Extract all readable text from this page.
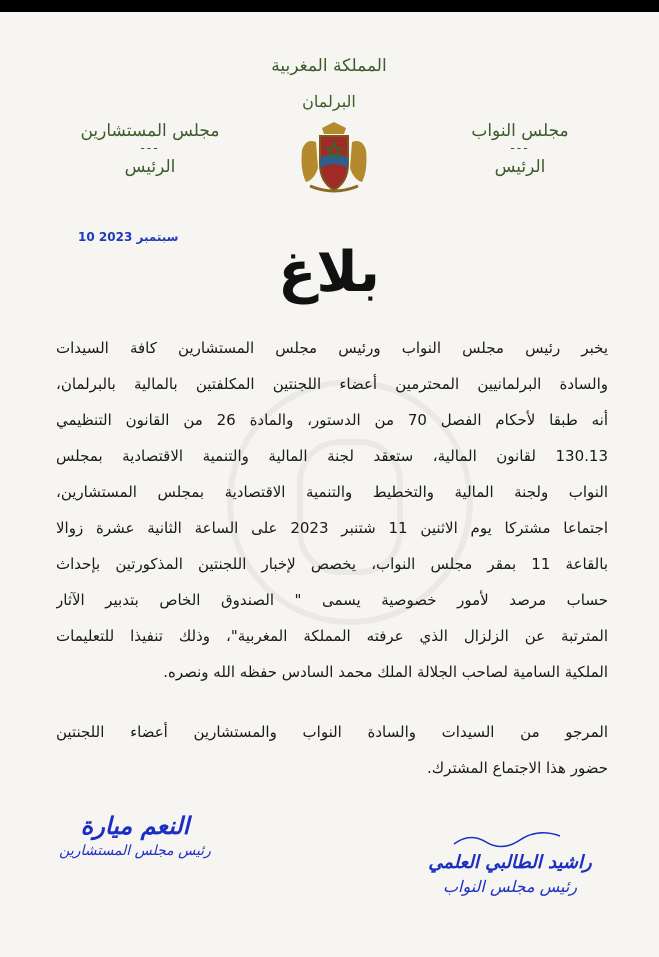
المملكة المغربية
البرلمان
مجلس المستشارين
---
الرئيس
مجلس النواب
---
الرئيس
10 سبتمبر 2023
بلاغ
يخبر رئيس مجلس النواب ورئيس مجلس المستشارين كافة السيدات
والسادة البرلمانيين المحترمين أعضاء اللجنتين المكلفتين بالمالية بالبرلمان،
أنه طبقا لأحكام الفصل 70 من الدستور، والمادة 26 من القانون التنظيمي
130.13 لقانون المالية، ستعقد لجنة المالية والتنمية الاقتصادية بمجلس
النواب ولجنة المالية والتخطيط والتنمية الاقتصادية بمجلس المستشارين،
اجتماعا مشتركا يوم الاثنين 11 شتنبر 2023 على الساعة الثانية عشرة زوالا
بالقاعة 11 بمقر مجلس النواب، يخصص لإخبار اللجنتين المذكورتين بإحداث
حساب مرصد لأمور خصوصية يسمى " الصندوق الخاص بتدبير الآثار
المترتبة عن الزلزال الذي عرفته المملكة المغربية"، وذلك تنفيذا للتعليمات
الملكية السامية لصاحب الجلالة الملك محمد السادس حفظه الله ونصره.
المرجو من السيدات والسادة النواب والمستشارين أعضاء اللجنتين
حضور هذا الاجتماع المشترك.
النعم ميارة
رئيس مجلس المستشارين
راشيد الطالبي العلمي
رئيس مجلس النواب
